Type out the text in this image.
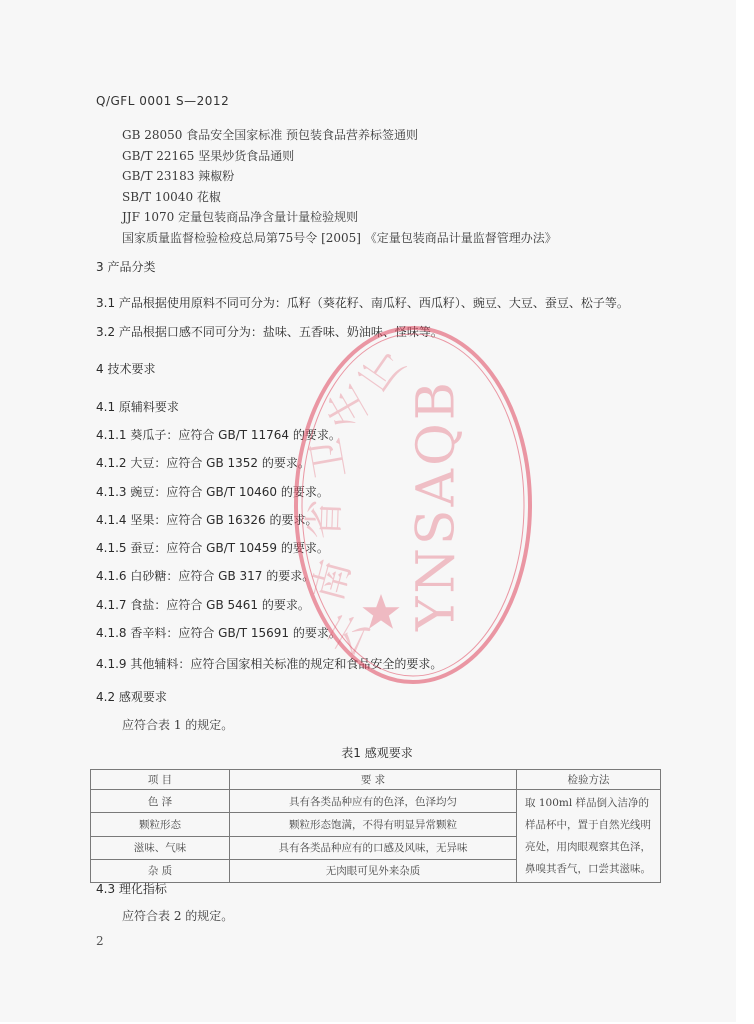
Q/GFL 0001 S—2012
GB 28050 食品安全国家标准 预包装食品营养标签通则
GB/T 22165 坚果炒货食品通则
GB/T 23183 辣椒粉
SB/T 10040 花椒
JJF 1070 定量包装商品净含量计量检验规则
国家质量监督检验检疫总局第75号令 [2005] 《定量包装商品计量监督管理办法》
3 产品分类
3.1 产品根据使用原料不同可分为：瓜籽（葵花籽、南瓜籽、西瓜籽）、豌豆、大豆、蚕豆、松子等。
3.2 产品根据口感不同可分为：盐味、五香味、奶油味、怪味等。
4 技术要求
4.1 原辅料要求
4.1.1 葵瓜子：应符合 GB/T 11764 的要求。
4.1.2 大豆：应符合 GB 1352 的要求。
4.1.3 豌豆：应符合 GB/T 10460 的要求。
4.1.4 坚果：应符合 GB 16326 的要求。
4.1.5 蚕豆：应符合 GB/T 10459 的要求。
4.1.6 白砂糖：应符合 GB 317 的要求。
4.1.7 食盐：应符合 GB 5461 的要求。
4.1.8 香辛料：应符合 GB/T 15691 的要求。
4.1.9 其他辅料：应符合国家相关标准的规定和食品安全的要求。
4.2 感观要求
应符合表 1 的规定。
表1 感观要求
项 目	要 求	检验方法
色 泽	具有各类品种应有的色泽，色泽均匀	取 100ml 样品倒入洁净的样品杯中，置于自然光线明亮处，用肉眼观察其色泽，鼻嗅其香气，口尝其滋味。
颗粒形态	颗粒形态饱满，不得有明显异常颗粒	
滋味、气味	具有各类品种应有的口感及风味，无异味	
杂 质	无肉眼可见外来杂质	
4.3 理化指标
应符合表 2 的规定。
2
YNSAQB
云
南
省
卫
生
厅
